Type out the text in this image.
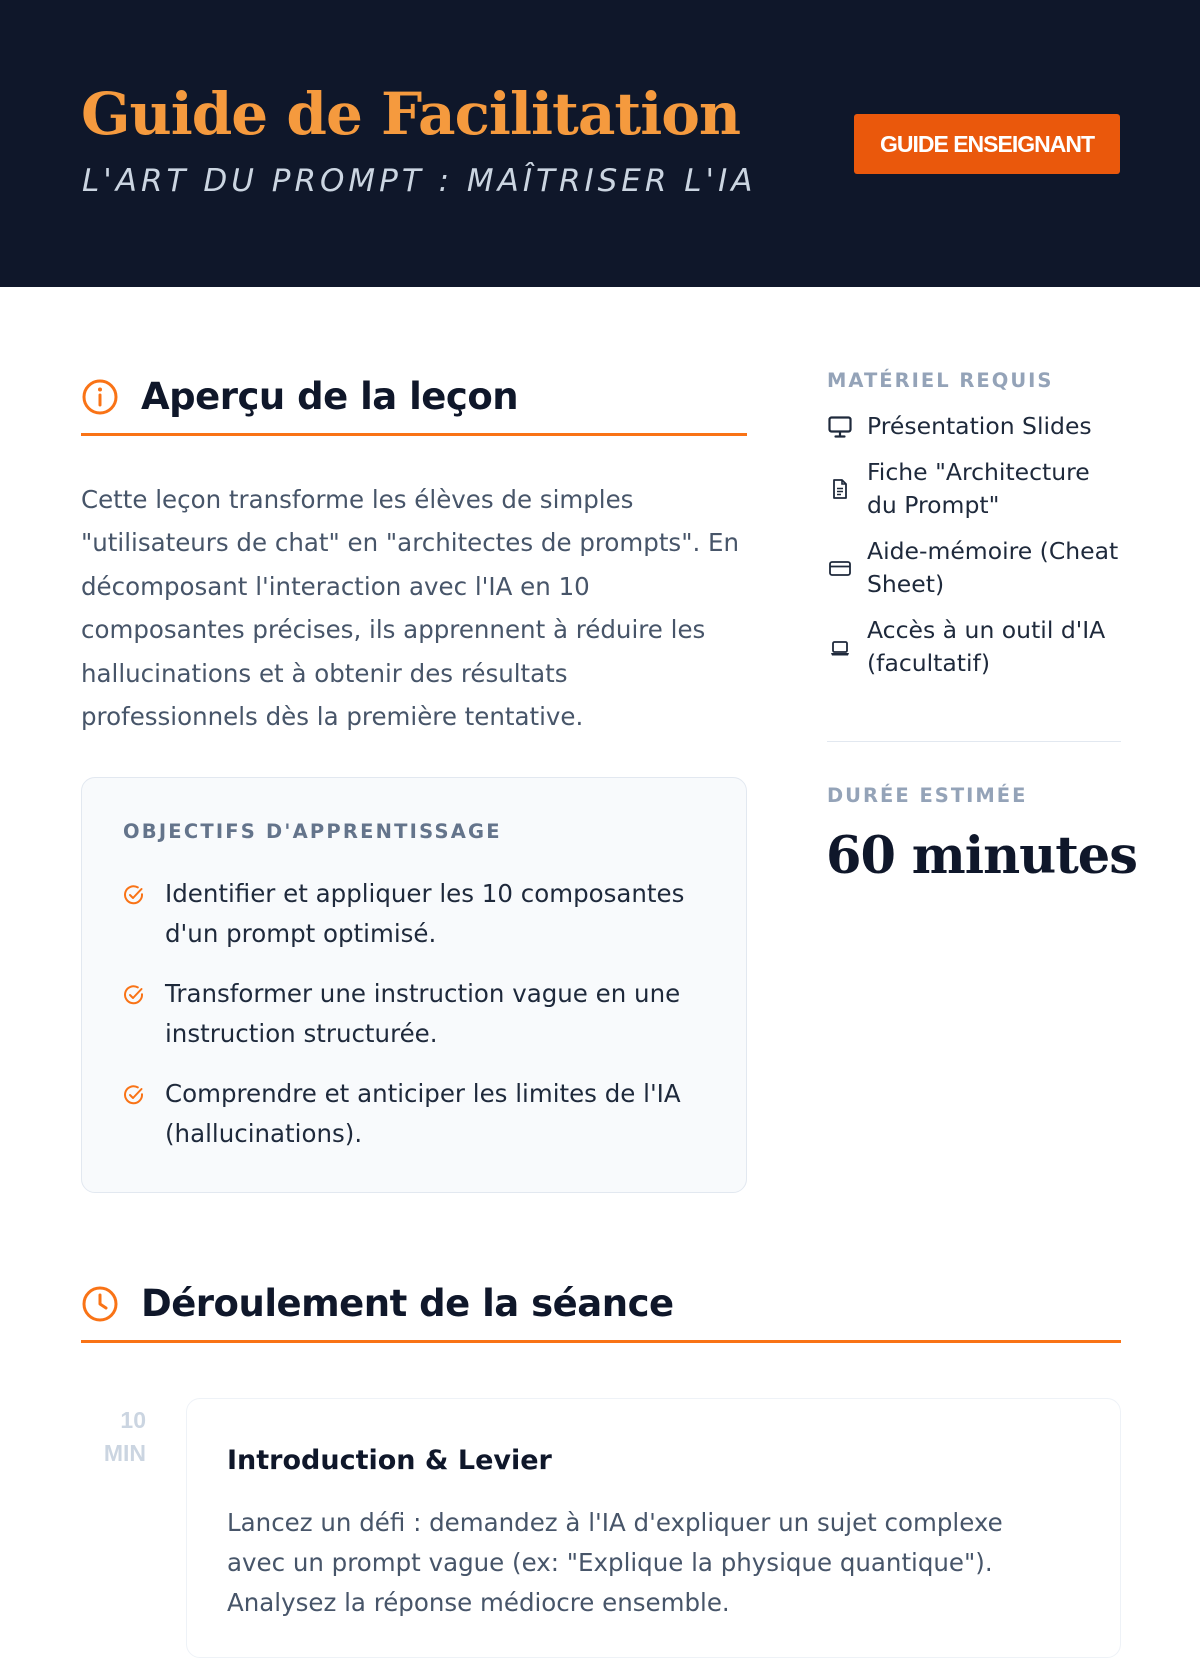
Guide de Facilitation
L'ART DU PROMPT : MAÎTRISER L'IA
GUIDE ENSEIGNANT
Aperçu de la leçon

Cette leçon transforme les élèves de simples "utilisateurs de chat" en "architectes de prompts". En décomposant l'interaction avec l'IA en 10 composantes précises, ils apprennent à réduire les hallucinations et à obtenir des résultats professionnels dès la première tentative.

OBJECTIFS D'APPRENTISSAGE
Identifier et appliquer les 10 composantes d'un prompt optimisé.
Transformer une instruction vague en une instruction structurée.
Comprendre et anticiper les limites de l'IA (hallucinations).
MATÉRIEL REQUIS
Présentation Slides
Fiche "Architecture du Prompt"
Aide-mémoire (Cheat Sheet)
Accès à un outil d'IA (facultatif)
DURÉE ESTIMÉE
60 minutes
Déroulement de la séance
10
MIN	Introduction & Levier

Lancez un défi : demandez à l'IA d'expliquer un sujet complexe avec un prompt vague (ex: "Explique la physique quantique"). Analysez la réponse médiocre ensemble.
